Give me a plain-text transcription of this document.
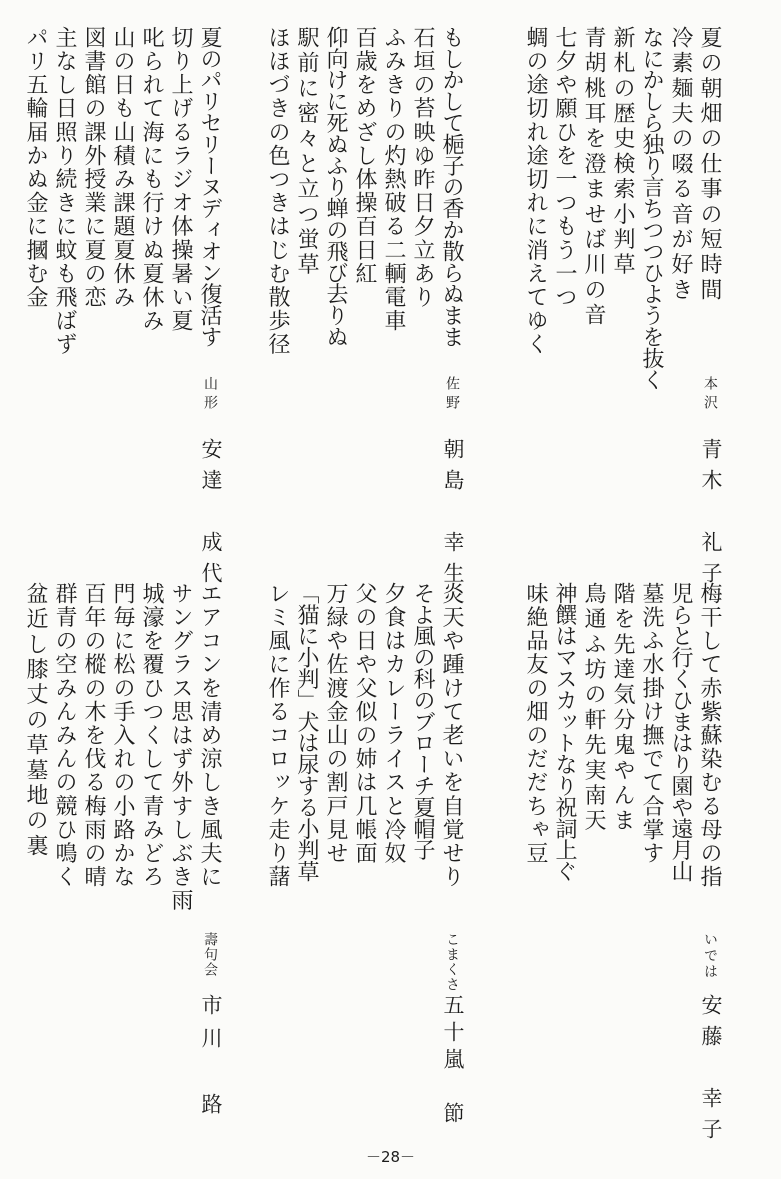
夏の朝畑の仕事の短時間
冷素麺夫の啜る音が好き
なにかしら独り言ちつつひようを抜く
新札の歴史検索小判草
青胡桃耳を澄ませば川の音
七夕や願ひを一つもう一つ
蜩の途切れ途切れに消えてゆく
本沢
青木　礼子
もしかして梔子の香か散らぬまま
石垣の苔映ゆ昨日夕立あり
ふみきりの灼熱破る二輌電車
百歳をめざし体操百日紅
仰向けに死ぬふり蝉の飛び去りぬ
駅前に密々と立つ蛍草
ほほづきの色つきはじむ散歩径
佐野
朝島　幸生
夏のパリセリーヌディオン復活す
切り上げるラジオ体操暑い夏
叱られて海にも行けぬ夏休み
山の日も山積み課題夏休み
図書館の課外授業に夏の恋
主なし日照り続きに蚊も飛ばず
パリ五輪届かぬ金に摑む金
山形
安達　成代
梅干して赤紫蘇染むる母の指
児らと行くひまはり園や遠月山
墓洗ふ水掛け撫でて合掌す
階を先達気分鬼やんま
鳥通ふ坊の軒先実南天
神饌はマスカットなり祝詞上ぐ
味絶品友の畑のだだちゃ豆
いでは
安藤　幸子
炎天や踵けて老いを自覚せり
そよ風の科のブローチ夏帽子
夕食はカレーライスと冷奴
父の日や父似の姉は几帳面
万緑や佐渡金山の割戸見せ
「猫に小判」犬は尿する小判草
レミ風に作るコロッケ走り藷
こまくさ
五十嵐　節
エアコンを清め涼しき風夫に
サングラス思はず外すしぶき雨
城濠を覆ひつくして青みどろ
門毎に松の手入れの小路かな
百年の樅の木を伐る梅雨の晴
群青の空みんみんの競ひ鳴く
盆近し膝丈の草墓地の裏
壽句会
市川　路
－28－
